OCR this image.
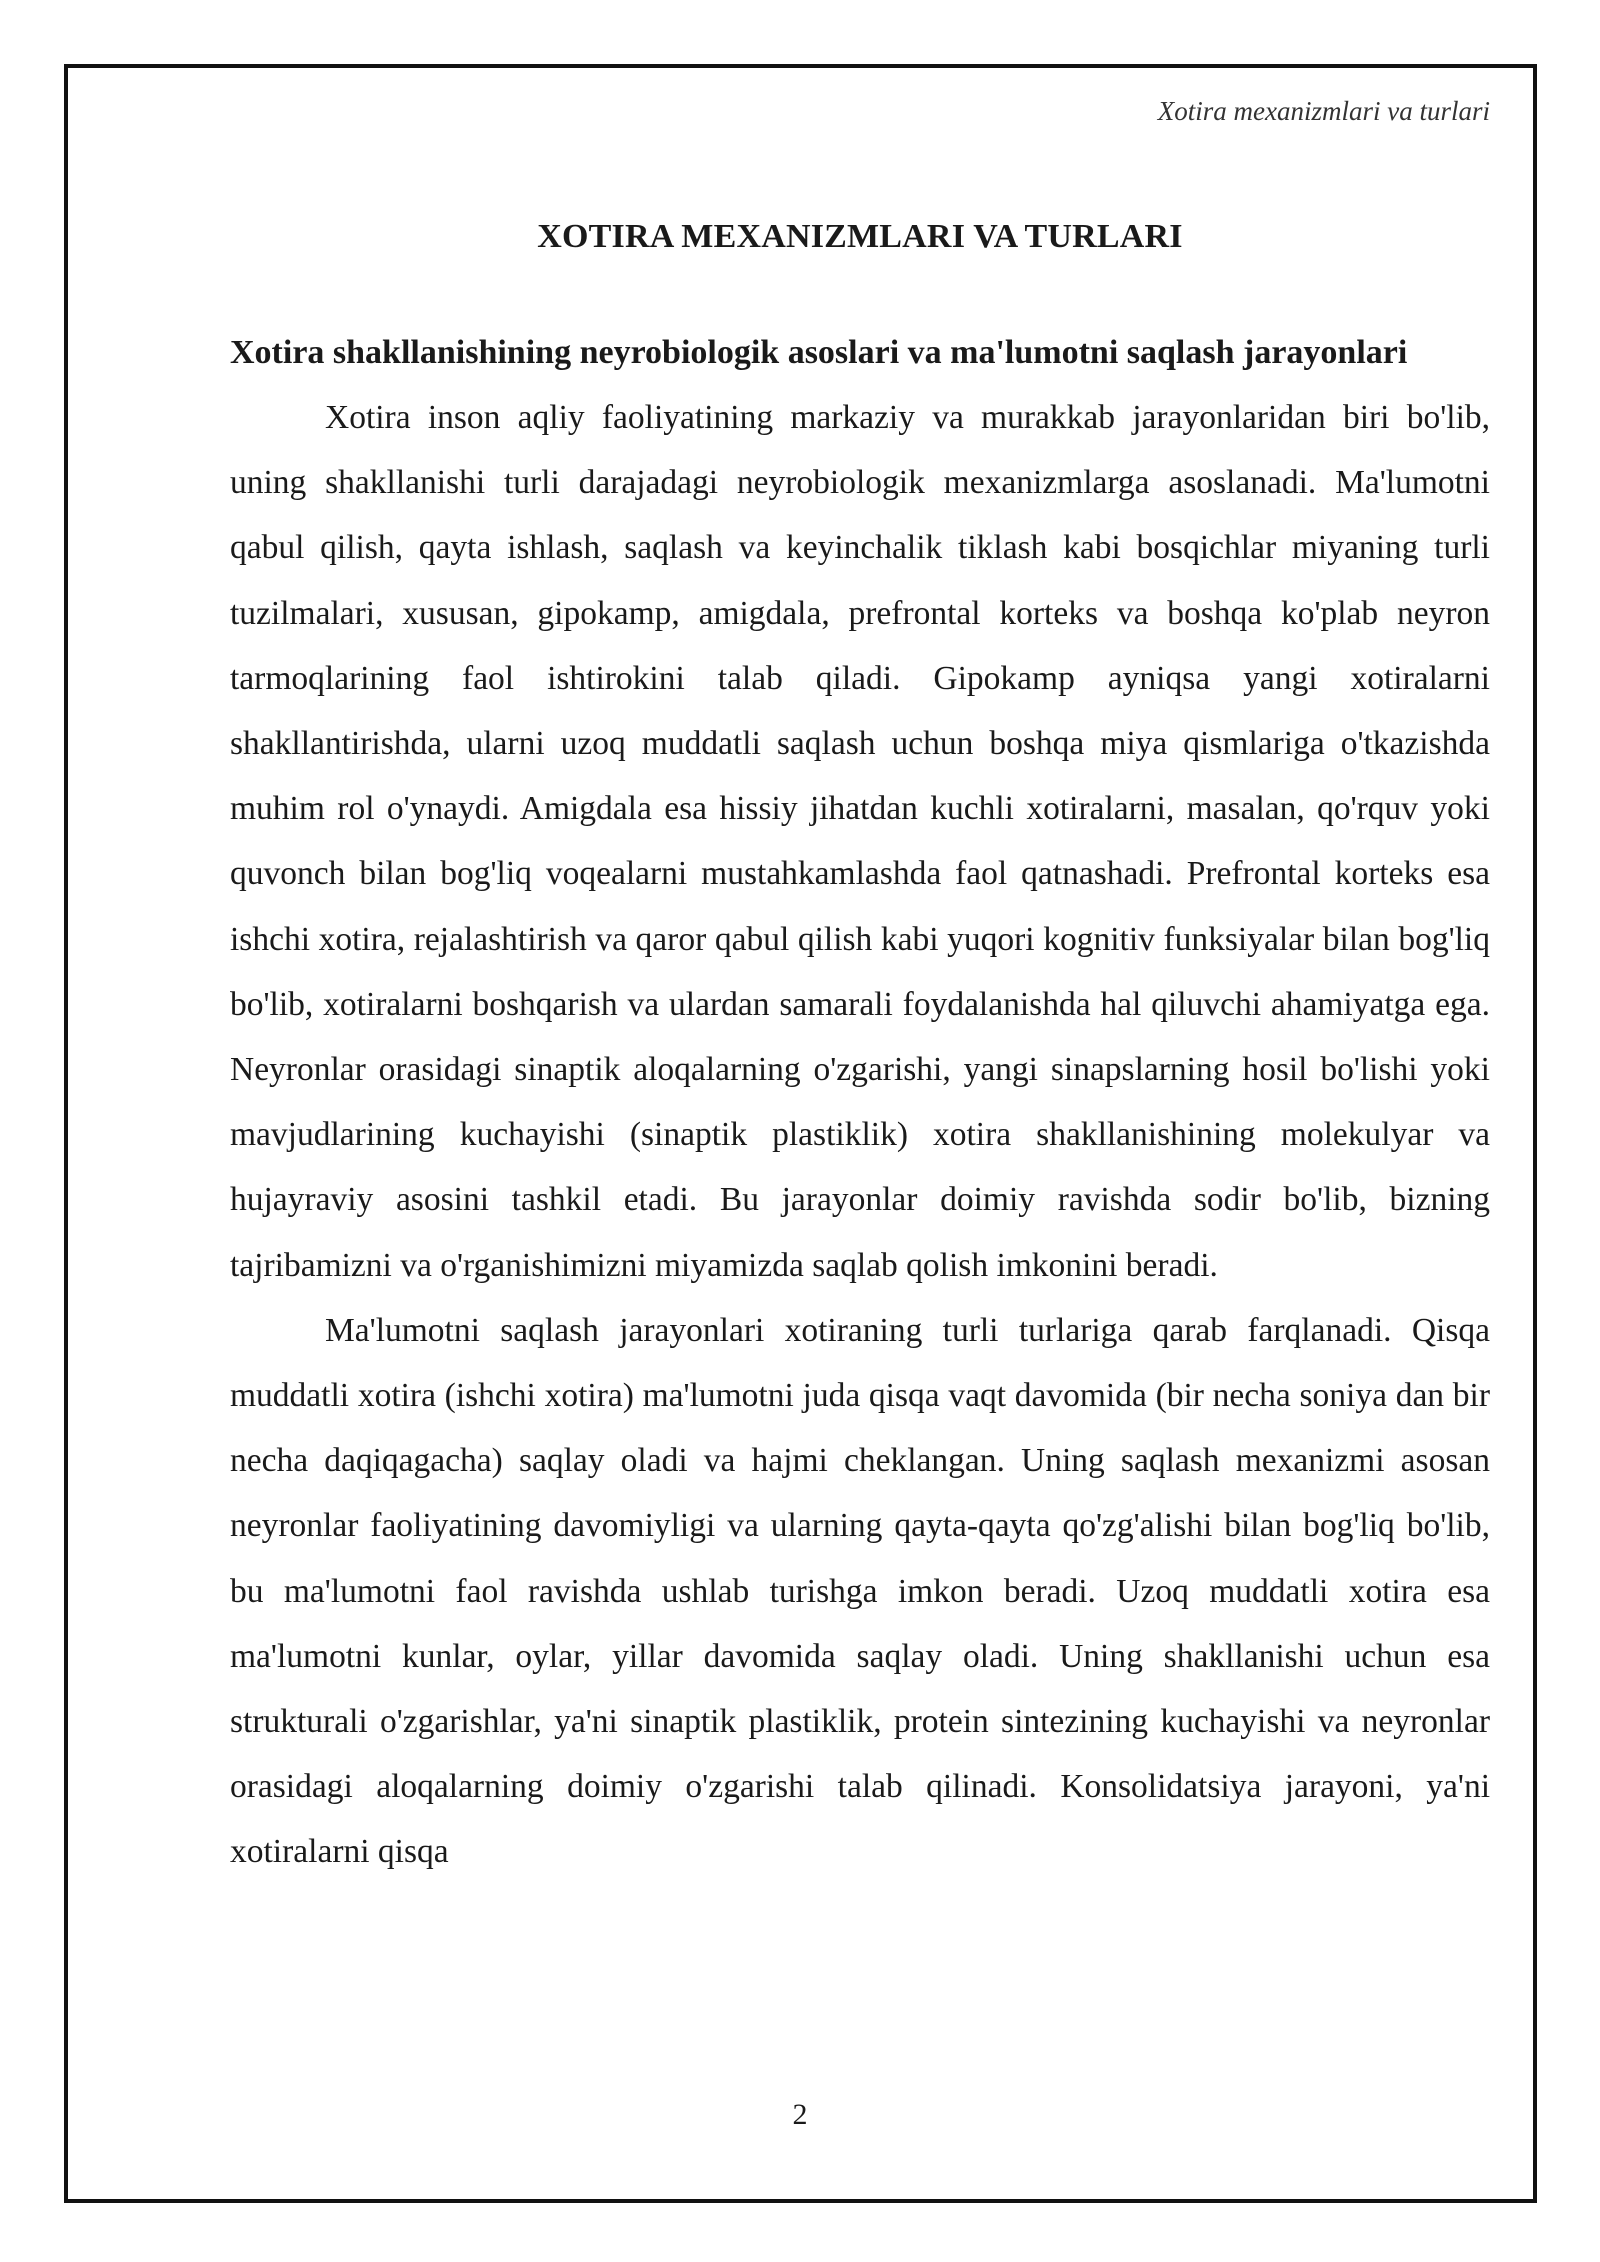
Xotira mexanizmlari va turlari
XOTIRA MEXANIZMLARI VA TURLARI
Xotira shakllanishining neyrobiologik asoslari va ma'lumotni saqlash jarayonlari

Xotira inson aqliy faoliyatining markaziy va murakkab jarayonlaridan biri bo'lib, uning shakllanishi turli darajadagi neyrobiologik mexanizmlarga asoslanadi. Ma'lumotni qabul qilish, qayta ishlash, saqlash va keyinchalik tiklash kabi bosqichlar miyaning turli tuzilmalari, xususan, gipokamp, amigdala, prefrontal korteks va boshqa ko'plab neyron tarmoqlarining faol ishtirokini talab qiladi. Gipokamp ayniqsa yangi xotiralarni shakllantirishda, ularni uzoq muddatli saqlash uchun boshqa miya qismlariga o'tkazishda muhim rol o'ynaydi. Amigdala esa hissiy jihatdan kuchli xotiralarni, masalan, qo'rquv yoki quvonch bilan bog'liq voqealarni mustahkamlashda faol qatnashadi. Prefrontal korteks esa ishchi xotira, rejalashtirish va qaror qabul qilish kabi yuqori kognitiv funksiyalar bilan bog'liq bo'lib, xotiralarni boshqarish va ulardan samarali foydalanishda hal qiluvchi ahamiyatga ega. Neyronlar orasidagi sinaptik aloqalarning o'zgarishi, yangi sinapslarning hosil bo'lishi yoki mavjudlarining kuchayishi (sinaptik plastiklik) xotira shakllanishining molekulyar va hujayraviy asosini tashkil etadi. Bu jarayonlar doimiy ravishda sodir bo'lib, bizning tajribamizni va o'rganishimizni miyamizda saqlab qolish imkonini beradi.

Ma'lumotni saqlash jarayonlari xotiraning turli turlariga qarab farqlanadi. Qisqa muddatli xotira (ishchi xotira) ma'lumotni juda qisqa vaqt davomida (bir necha soniya dan bir necha daqiqagacha) saqlay oladi va hajmi cheklangan. Uning saqlash mexanizmi asosan neyronlar faoliyatining davomiyligi va ularning qayta-qayta qo'zg'alishi bilan bog'liq bo'lib, bu ma'lumotni faol ravishda ushlab turishga imkon beradi. Uzoq muddatli xotira esa ma'lumotni kunlar, oylar, yillar davomida saqlay oladi. Uning shakllanishi uchun esa strukturali o'zgarishlar, ya'ni sinaptik plastiklik, protein sintezining kuchayishi va neyronlar orasidagi aloqalarning doimiy o'zgarishi talab qilinadi. Konsolidatsiya jarayoni, ya'ni xotiralarni qisqa

2
